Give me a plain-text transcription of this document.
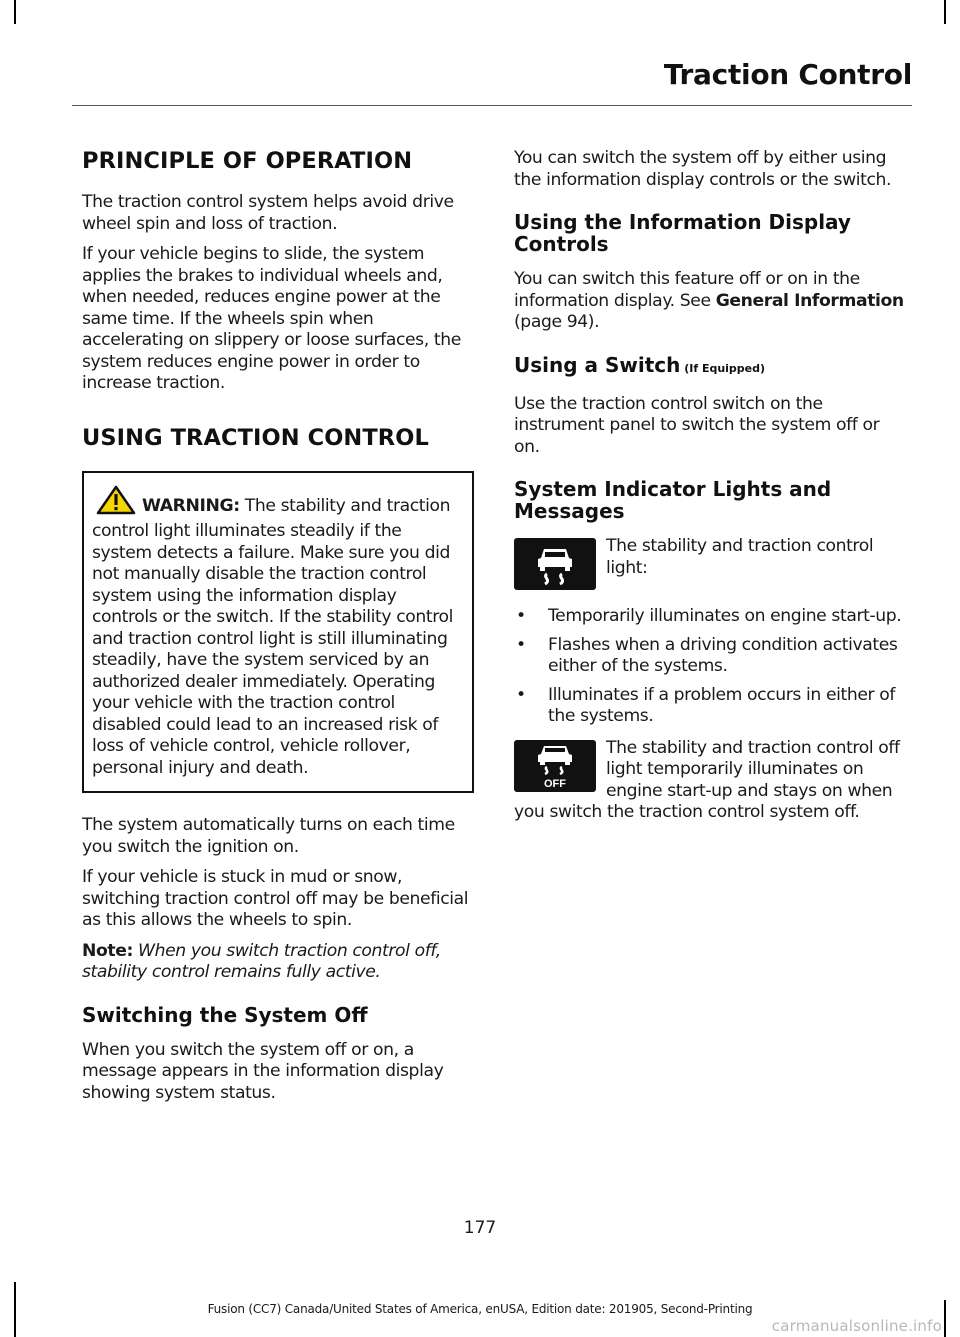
Traction Control
PRINCIPLE OF OPERATION

The traction control system helps avoid drive wheel spin and loss of traction.

If your vehicle begins to slide, the system applies the brakes to individual wheels and, when needed, reduces engine power at the same time. If the wheels spin when accelerating on slippery or loose surfaces, the system reduces engine power in order to increase traction.

USING TRACTION CONTROL
WARNING: The stability and traction control light illuminates steadily if the system detects a failure. Make sure you did not manually disable the traction control system using the information display controls or the switch. If the stability control and traction control light is still illuminating steadily, have the system serviced by an authorized dealer immediately. Operating your vehicle with the traction control disabled could lead to an increased risk of loss of vehicle control, vehicle rollover, personal injury and death.

The system automatically turns on each time you switch the ignition on.

If your vehicle is stuck in mud or snow, switching traction control off may be beneficial as this allows the wheels to spin.

Note: When you switch traction control off, stability control remains fully active.

Switching the System Off

When you switch the system off or on, a message appears in the information display showing system status.

You can switch the system off by either using the information display controls or the switch.

Using the Information Display Controls

You can switch this feature off or on in the information display. See General Information (page 94).

Using a Switch (If Equipped)

Use the traction control switch on the instrument panel to switch the system off or on.

System Indicator Lights and Messages

The stability and traction control light:

• Temporarily illuminates on engine start-up.
• Flashes when a driving condition activates either of the systems.
• Illuminates if a problem occurs in either of the systems.
OFF

The stability and traction control off light temporarily illuminates on engine start-up and stays on when you switch the traction control system off.

177
Fusion (CC7) Canada/United States of America, enUSA, Edition date: 201905, Second-Printing
carmanualsonline.info
